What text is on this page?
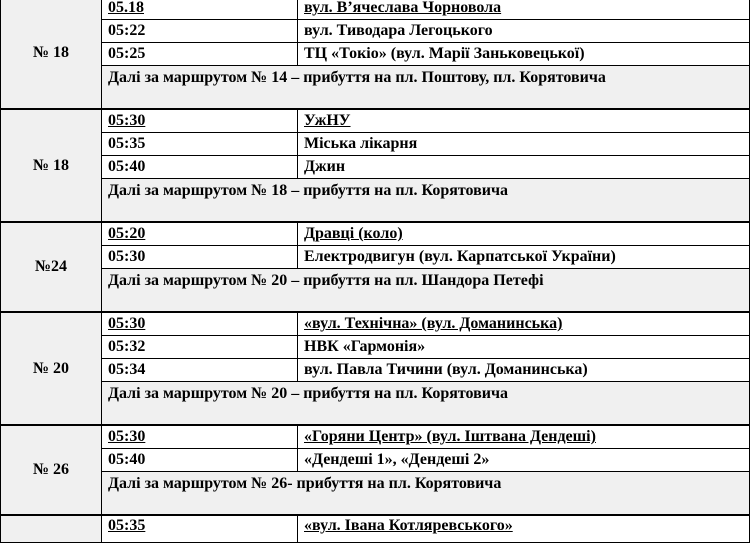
№ 18	05.18	вул. В’ячеслава Чорновола
	05:22	вул. Тиводара Легоцького
	05:25	ТЦ «Токіо» (вул. Марії Заньковецької)
	Далі за маршрутом № 14 – прибуття на пл. Поштову, пл. Корятовича	
№ 18	05:30	УжНУ
	05:35	Міська лікарня
	05:40	Джин
	Далі за маршрутом № 18 – прибуття на пл. Корятовича	
№24	05:20	Дравці (коло)
	05:30	Електродвигун (вул. Карпатської України)
	Далі за маршрутом № 20 – прибуття на пл. Шандора Петефі	
№ 20	05:30	«вул. Технічна» (вул. Доманинська)
	05:32	НВК «Гармонія»
	05:34	вул. Павла Тичини (вул. Доманинська)
	Далі за маршрутом № 20 – прибуття на пл. Корятовича	
№ 26	05:30	«Горяни Центр» (вул. Іштвана Дендеші)
	05:40	«Дендеші 1», «Дендеші 2»
	Далі за маршрутом № 26- прибуття на пл. Корятовича	
	05:35	«вул. Івана Котляревського»
